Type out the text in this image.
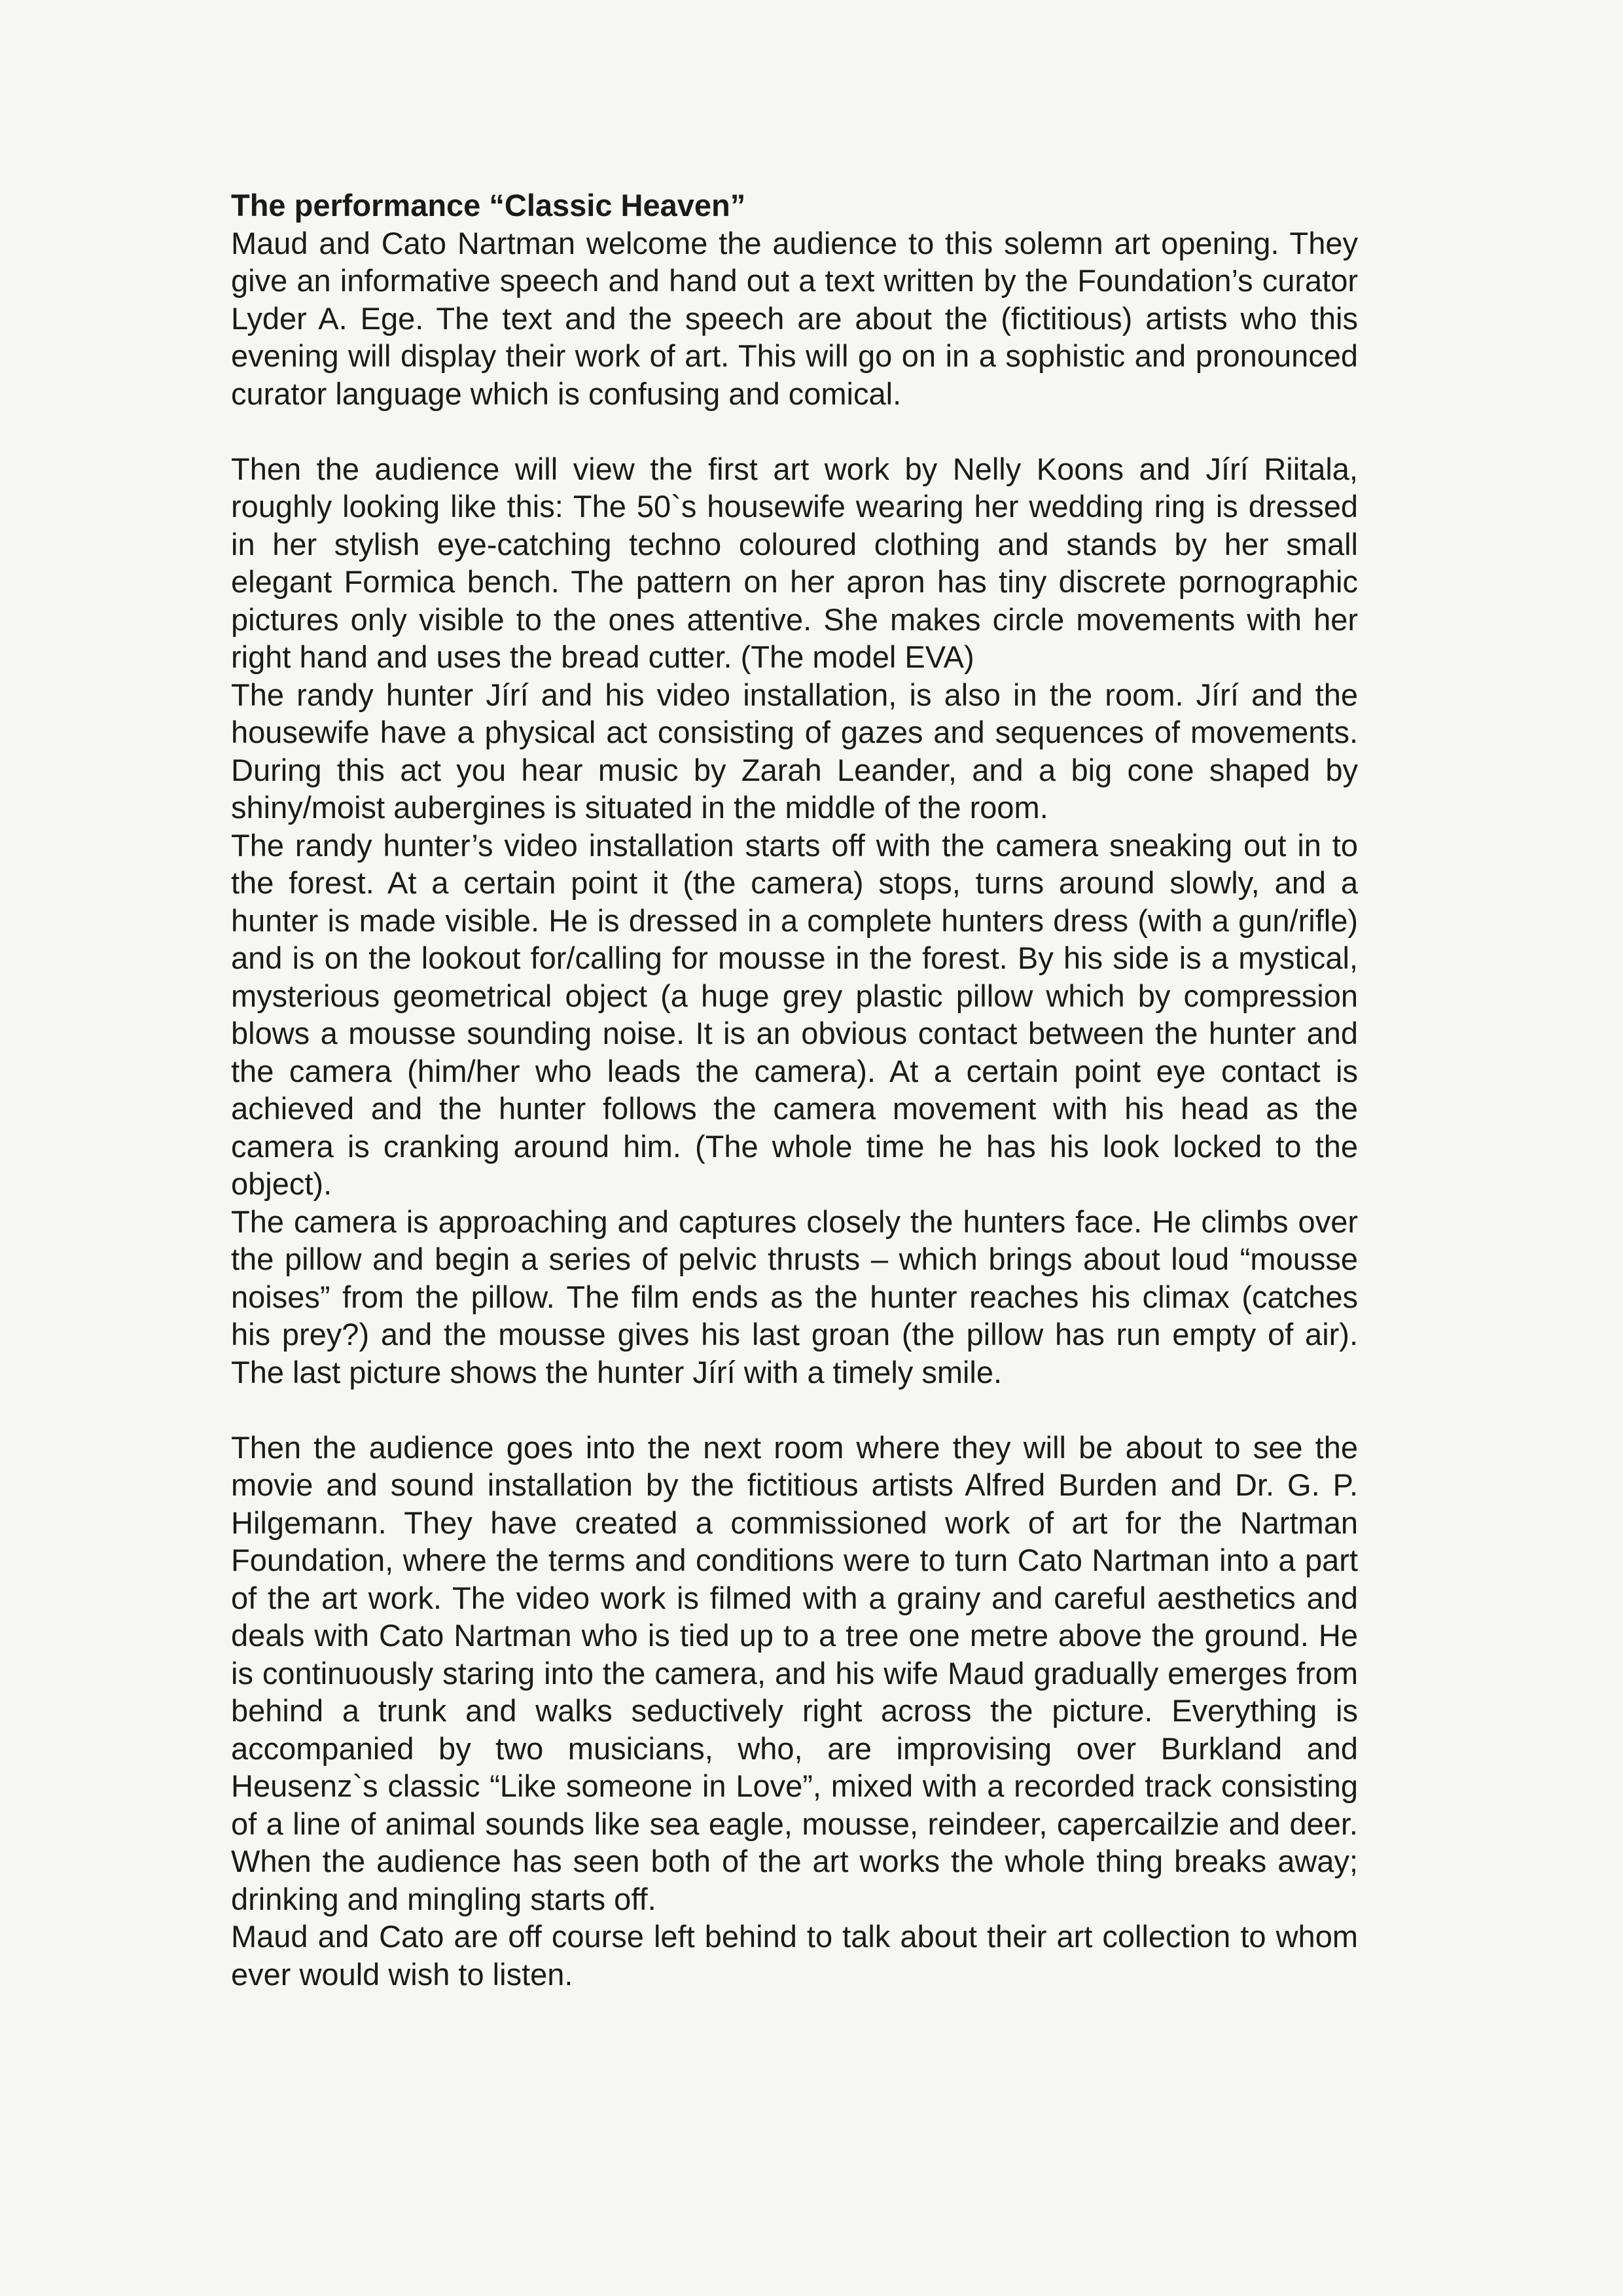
The performance “Classic Heaven”

Maud and Cato Nartman welcome the audience to this solemn art opening. They give an informative speech and hand out a text written by the Foundation’s curator Lyder A. Ege. The text and the speech are about the (fictitious) artists who this evening will display their work of art. This will go on in a sophistic and pronounced curator language which is confusing and comical.

Then the audience will view the first art work by Nelly Koons and Jírí Riitala, roughly looking like this: The 50`s housewife wearing her wedding ring is dressed in her stylish eye-catching techno coloured clothing and stands by her small elegant Formica bench. The pattern on her apron has tiny discrete pornographic pictures only visible to the ones attentive. She makes circle movements with her right hand and uses the bread cutter. (The model EVA)

The randy hunter Jírí and his video installation, is also in the room. Jírí and the housewife have a physical act consisting of gazes and sequences of movements. During this act you hear music by Zarah Leander, and a big cone shaped by shiny/moist aubergines is situated in the middle of the room.

The randy hunter’s video installation starts off with the camera sneaking out in to the forest. At a certain point it (the camera) stops, turns around slowly, and a hunter is made visible. He is dressed in a complete hunters dress (with a gun/rifle) and is on the lookout for/calling for mousse in the forest. By his side is a mystical, mysterious geometrical object (a huge grey plastic pillow which by compression blows a mousse sounding noise. It is an obvious contact between the hunter and the camera (him/her who leads the camera). At a certain point eye contact is achieved and the hunter follows the camera movement with his head as the camera is cranking around him. (The whole time he has his look locked to the object).

The camera is approaching and captures closely the hunters face. He climbs over the pillow and begin a series of pelvic thrusts – which brings about loud “mousse noises” from the pillow. The film ends as the hunter reaches his climax (catches his prey?) and the mousse gives his last groan (the pillow has run empty of air). The last picture shows the hunter Jírí with a timely smile.

Then the audience goes into the next room where they will be about to see the movie and sound installation by the fictitious artists Alfred Burden and Dr. G. P. Hilgemann. They have created a commissioned work of art for the Nartman Foundation, where the terms and conditions were to turn Cato Nartman into a part of the art work. The video work is filmed with a grainy and careful aesthetics and deals with Cato Nartman who is tied up to a tree one metre above the ground. He is continuously staring into the camera, and his wife Maud gradually emerges from behind a trunk and walks seductively right across the picture. Everything is accompanied by two musicians, who, are improvising over Burkland and Heusenz`s classic “Like someone in Love”, mixed with a recorded track consisting of a line of animal sounds like sea eagle, mousse, reindeer, capercailzie and deer. When the audience has seen both of the art works the whole thing breaks away; drinking and mingling starts off.

Maud and Cato are off course left behind to talk about their art collection to whom ever would wish to listen.
